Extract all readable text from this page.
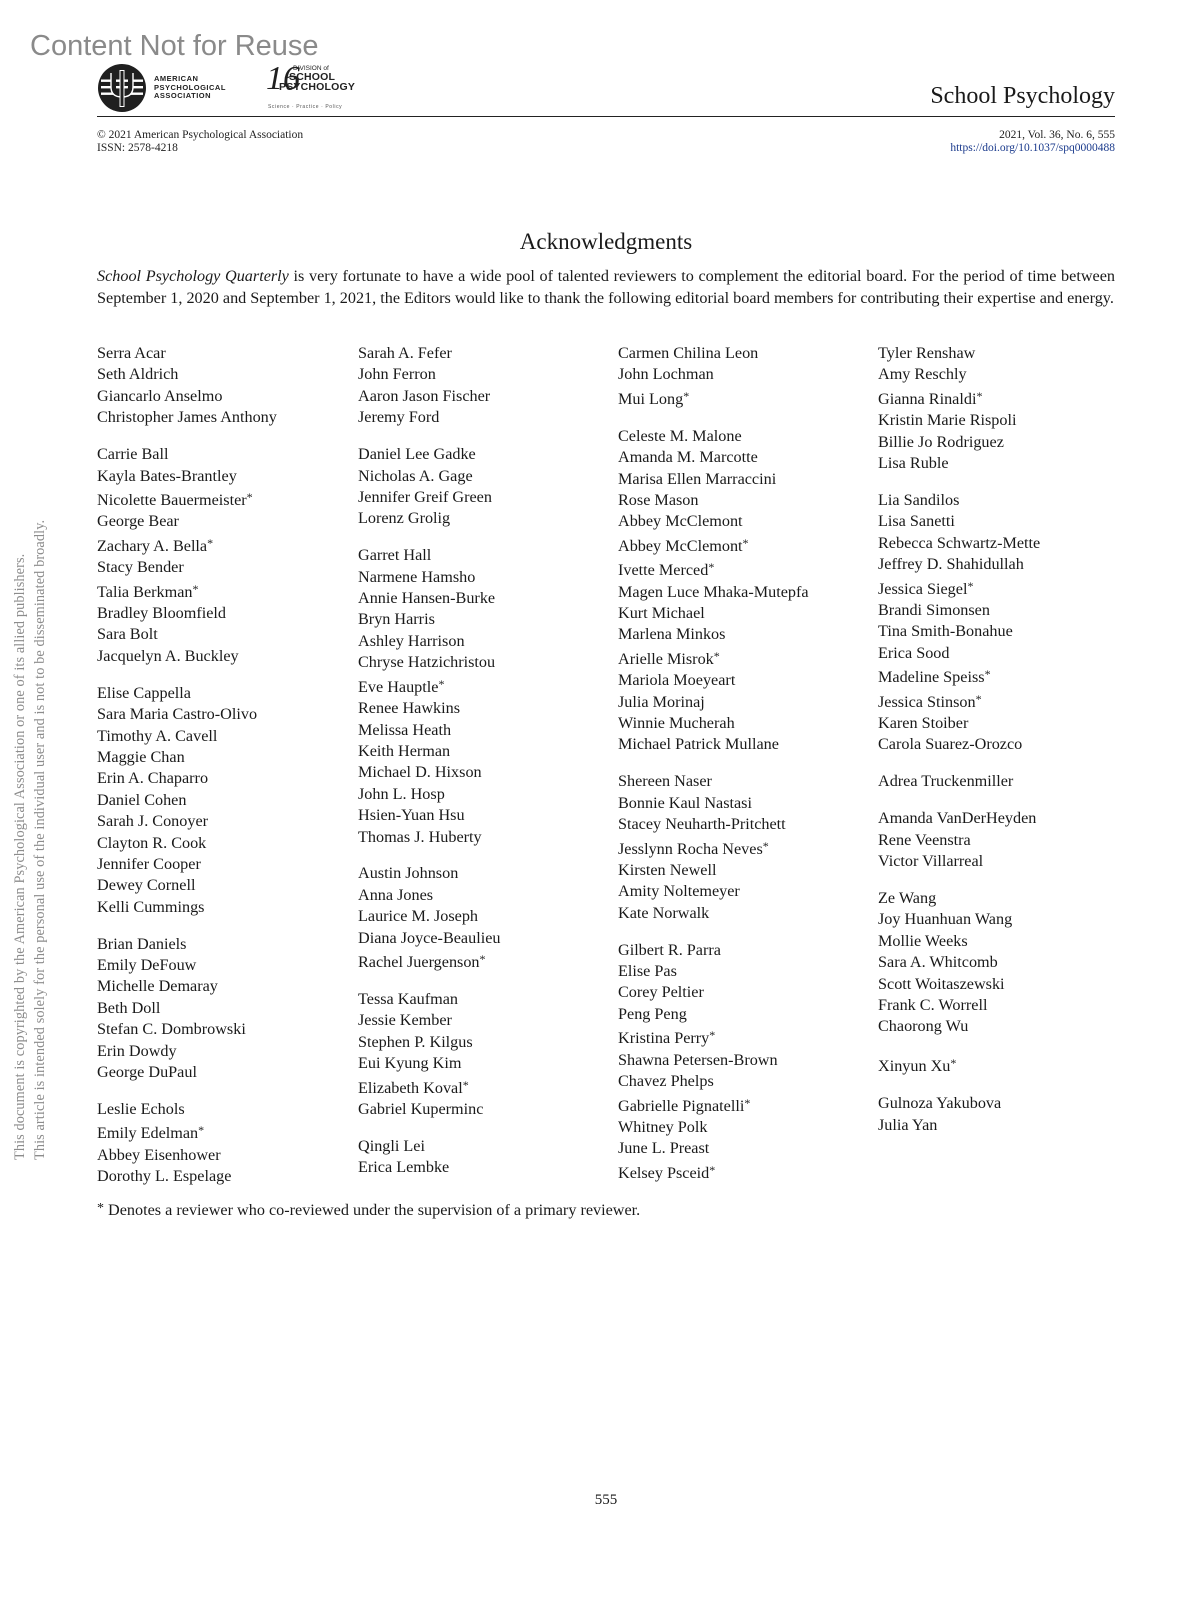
Content Not for Reuse
This document is copyrighted by the American Psychological Association or one of its allied publishers. This article is intended solely for the personal use of the individual user and is not to be disseminated broadly.
AMERICAN
PSYCHOLOGICAL
ASSOCIATION	16
DIVISION of
SCHOOL
PSYCHOLOGY
Science · Practice · Policy	School Psychology
© 2021 American Psychological Association
ISSN: 2578-4218
2021, Vol. 36, No. 6, 555
https://doi.org/10.1037/spq0000488
Acknowledgments

School Psychology Quarterly is very fortunate to have a wide pool of talented reviewers to complement the editorial board. For the period of time between September 1, 2020 and September 1, 2021, the Editors would like to thank the following editorial board members for contributing their expertise and energy.

Serra Acar
Seth Aldrich
Giancarlo Anselmo
Christopher James Anthony
Carrie Ball
Kayla Bates-Brantley
Nicolette Bauermeister*
George Bear
Zachary A. Bella*
Stacy Bender
Talia Berkman*
Bradley Bloomfield
Sara Bolt
Jacquelyn A. Buckley
Elise Cappella
Sara Maria Castro-Olivo
Timothy A. Cavell
Maggie Chan
Erin A. Chaparro
Daniel Cohen
Sarah J. Conoyer
Clayton R. Cook
Jennifer Cooper
Dewey Cornell
Kelli Cummings
Brian Daniels
Emily DeFouw
Michelle Demaray
Beth Doll
Stefan C. Dombrowski
Erin Dowdy
George DuPaul
Leslie Echols
Emily Edelman*
Abbey Eisenhower
Dorothy L. Espelage
Sarah A. Fefer
John Ferron
Aaron Jason Fischer
Jeremy Ford
Daniel Lee Gadke
Nicholas A. Gage
Jennifer Greif Green
Lorenz Grolig
Garret Hall
Narmene Hamsho
Annie Hansen-Burke
Bryn Harris
Ashley Harrison
Chryse Hatzichristou
Eve Hauptle*
Renee Hawkins
Melissa Heath
Keith Herman
Michael D. Hixson
John L. Hosp
Hsien-Yuan Hsu
Thomas J. Huberty
Austin Johnson
Anna Jones
Laurice M. Joseph
Diana Joyce-Beaulieu
Rachel Juergenson*
Tessa Kaufman
Jessie Kember
Stephen P. Kilgus
Eui Kyung Kim
Elizabeth Koval*
Gabriel Kuperminc
Qingli Lei
Erica Lembke
Carmen Chilina Leon
John Lochman
Mui Long*
Celeste M. Malone
Amanda M. Marcotte
Marisa Ellen Marraccini
Rose Mason
Abbey McClemont
Abbey McClemont*
Ivette Merced*
Magen Luce Mhaka-Mutepfa
Kurt Michael
Marlena Minkos
Arielle Misrok*
Mariola Moeyeart
Julia Morinaj
Winnie Mucherah
Michael Patrick Mullane
Shereen Naser
Bonnie Kaul Nastasi
Stacey Neuharth-Pritchett
Jesslynn Rocha Neves*
Kirsten Newell
Amity Noltemeyer
Kate Norwalk
Gilbert R. Parra
Elise Pas
Corey Peltier
Peng Peng
Kristina Perry*
Shawna Petersen-Brown
Chavez Phelps
Gabrielle Pignatelli*
Whitney Polk
June L. Preast
Kelsey Psceid*
Tyler Renshaw
Amy Reschly
Gianna Rinaldi*
Kristin Marie Rispoli
Billie Jo Rodriguez
Lisa Ruble
Lia Sandilos
Lisa Sanetti
Rebecca Schwartz-Mette
Jeffrey D. Shahidullah
Jessica Siegel*
Brandi Simonsen
Tina Smith-Bonahue
Erica Sood
Madeline Speiss*
Jessica Stinson*
Karen Stoiber
Carola Suarez-Orozco
Adrea Truckenmiller
Amanda VanDerHeyden
Rene Veenstra
Victor Villarreal
Ze Wang
Joy Huanhuan Wang
Mollie Weeks
Sara A. Whitcomb
Scott Woitaszewski
Frank C. Worrell
Chaorong Wu
Xinyun Xu*
Gulnoza Yakubova
Julia Yan
* Denotes a reviewer who co-reviewed under the supervision of a primary reviewer.
555
